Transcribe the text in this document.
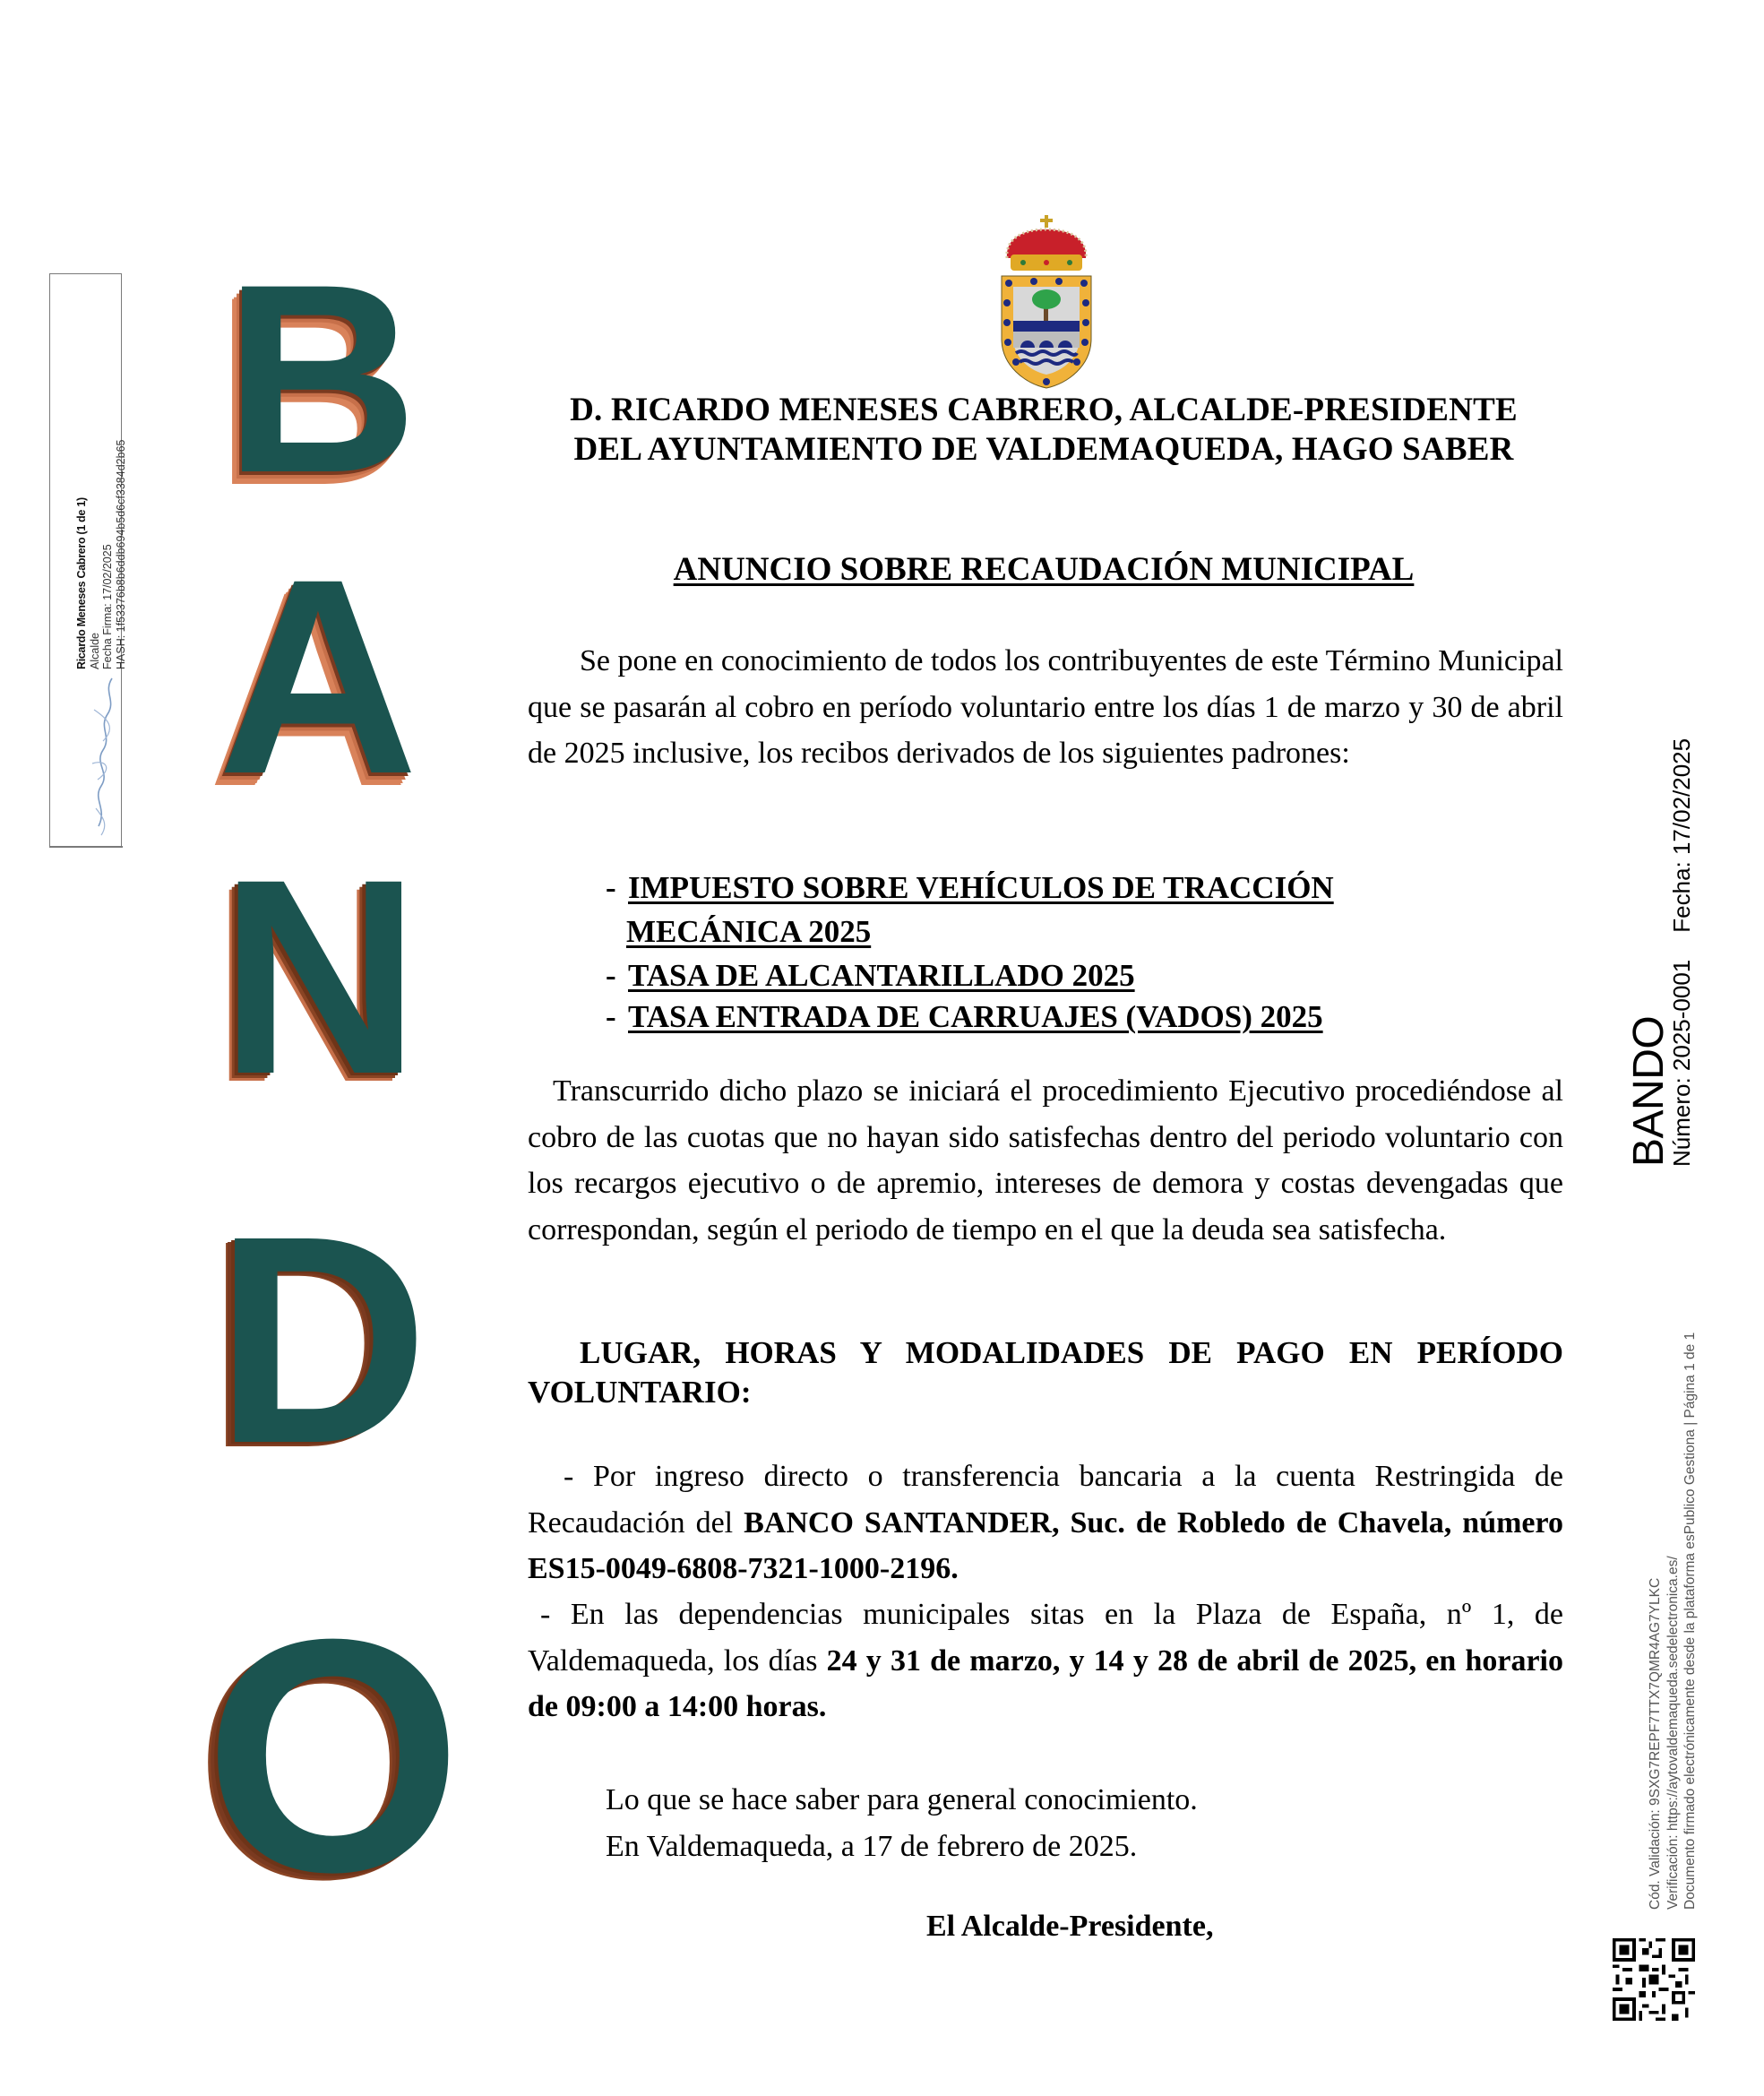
Ricardo Meneses Cabrero (1 de 1) Alcalde Fecha Firma: 17/02/2025 HASH: 1f53376b8b6ddb694b5d6cf3384d2b65
B
A
N
D
O
D. RICARDO MENESES CABRERO, ALCALDE-PRESIDENTE
DEL AYUNTAMIENTO DE VALDEMAQUEDA, HAGO SABER
ANUNCIO SOBRE RECAUDACIÓN MUNICIPAL
Se pone en conocimiento de todos los contribuyentes de este Término Municipal que se pasarán al cobro en período voluntario entre los días 1 de marzo y 30 de abril de 2025 inclusive, los recibos derivados de los siguientes padrones:
- IMPUESTO SOBRE VEHÍCULOS DE TRACCIÓN
MECÁNICA 2025
- TASA DE ALCANTARILLADO 2025
- TASA ENTRADA DE CARRUAJES (VADOS) 2025
Transcurrido dicho plazo se iniciará el procedimiento Ejecutivo procediéndose al cobro de las cuotas que no hayan sido satisfechas dentro del periodo voluntario con los recargos ejecutivo o de apremio, intereses de demora y costas devengadas que correspondan, según el periodo de tiempo en el que la deuda sea satisfecha.
LUGAR, HORAS Y MODALIDADES DE PAGO EN PERÍODO VOLUNTARIO:
- Por ingreso directo o transferencia bancaria a la cuenta Restringida de Recaudación del BANCO SANTANDER, Suc. de Robledo de Chavela, número ES15-0049-6808-7321-1000-2196.
- En las dependencias municipales sitas en la Plaza de España, nº 1, de Valdemaqueda, los días 24 y 31 de marzo, y 14 y 28 de abril de 2025, en horario de 09:00 a 14:00 horas.
Lo que se hace saber para general conocimiento.
En Valdemaqueda, a 17 de febrero de 2025.
El Alcalde-Presidente,
BANDO
Número: 2025-0001Fecha: 17/02/2025
Cód. Validación: 9SXG7REPF7TTX7QMR4AG7YLKC Verificación: https://aytovaldemaqueda.sedelectronica.es/ Documento firmado electrónicamente desde la plataforma esPublico Gestiona | Página 1 de 1
